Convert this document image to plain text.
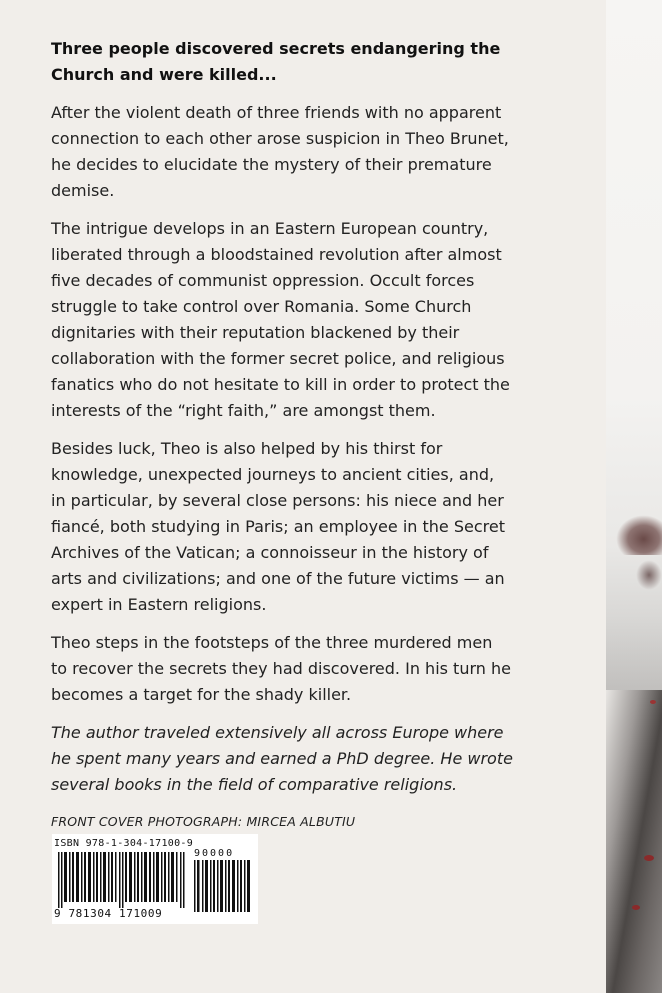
Three people discovered secrets endangering the Church and were killed...

After the violent death of three friends with no apparent connection to each other arose suspicion in Theo Brunet, he decides to elucidate the mystery of their premature demise.

The intrigue develops in an Eastern European country, liberated through a bloodstained revolution after almost five decades of communist oppression. Occult forces struggle to take control over Romania. Some Church dignitaries with their reputation blackened by their collaboration with the former secret police, and religious fanatics who do not hesitate to kill in order to protect the interests of the “right faith,” are amongst them.

Besides luck, Theo is also helped by his thirst for knowledge, unexpected journeys to ancient cities, and, in particular, by several close persons: his niece and her fiancé, both studying in Paris; an employee in the Secret Archives of the Vatican; a connoisseur in the history of arts and civilizations; and one of the future victims — an expert in Eastern religions.

Theo steps in the footsteps of the three murdered men to recover the secrets they had discovered. In his turn he becomes a target for the shady killer.

The author traveled extensively all across Europe where he spent many years and earned a PhD degree. He wrote several books in the field of comparative religions.

FRONT COVER PHOTOGRAPH: MIRCEA ALBUTIU

ISBN 978-1-304-17100-9
9 781304 171009
90000
